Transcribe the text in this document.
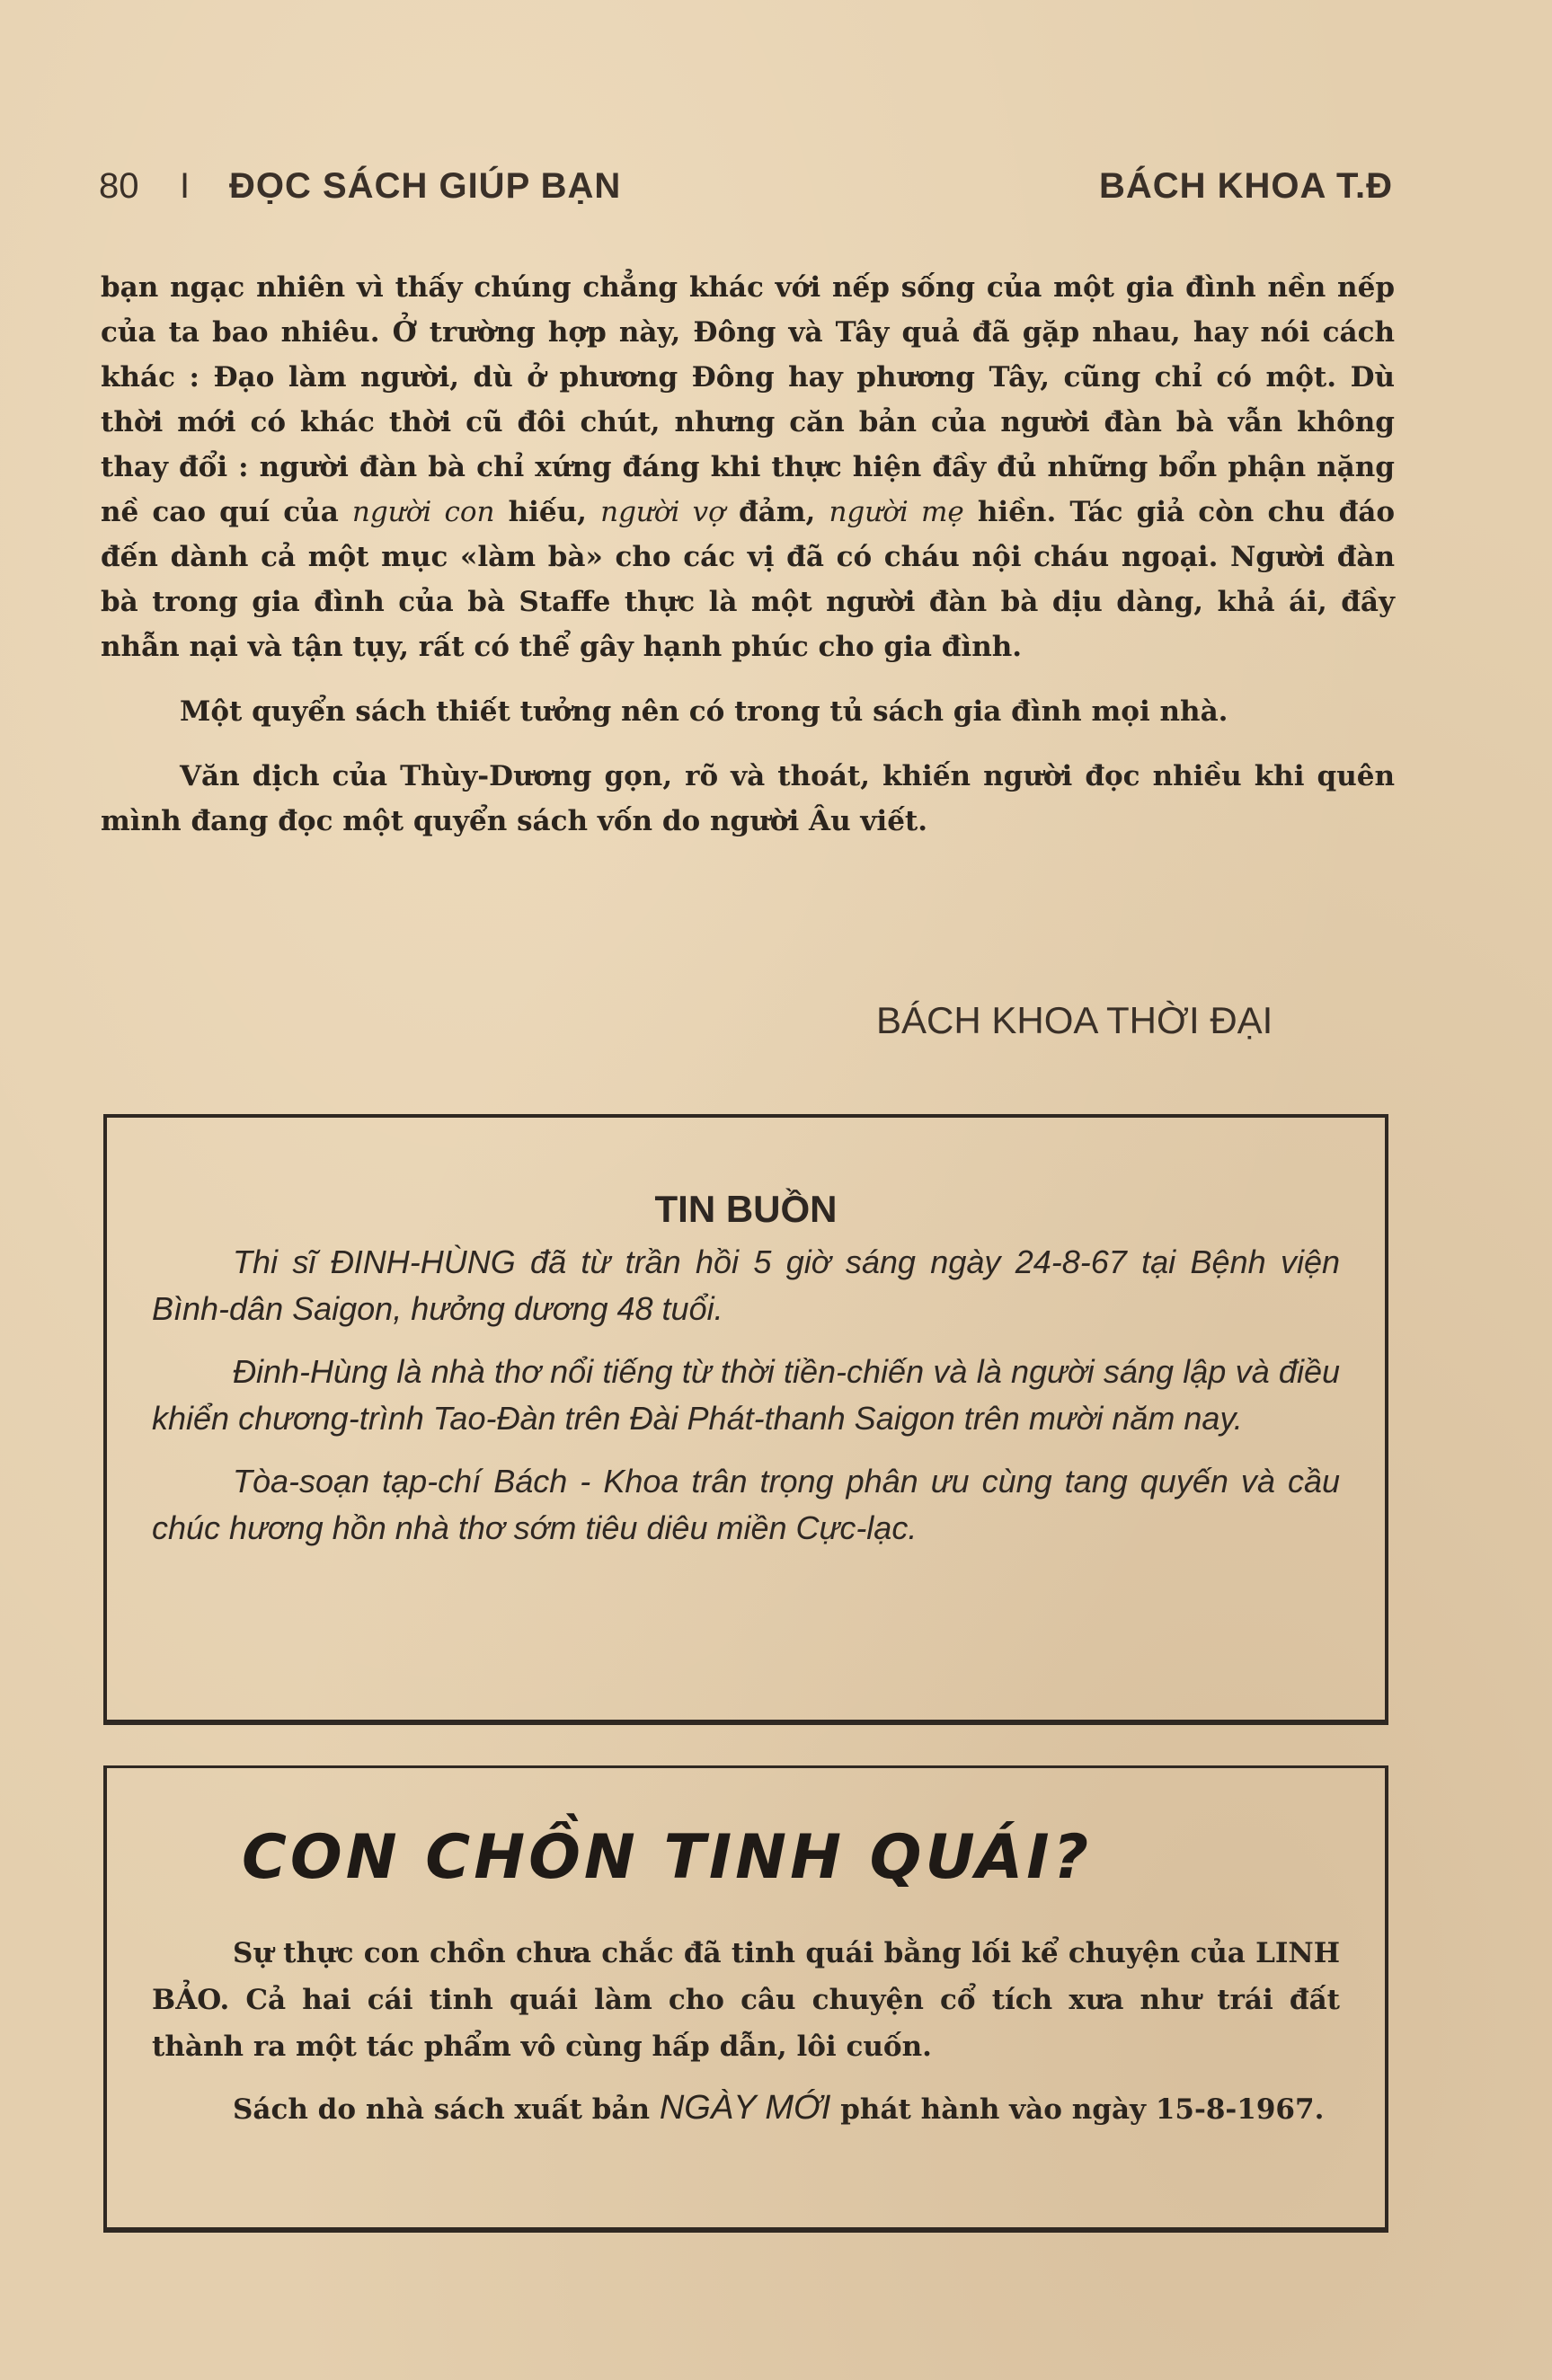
80 I ĐỌC SÁCH GIÚP BẠN	BÁCH KHOA T.Đ

bạn ngạc nhiên vì thấy chúng chẳng khác với nếp sống của một gia đình nền nếp của ta bao nhiêu. Ở trường hợp này, Đông và Tây quả đã gặp nhau, hay nói cách khác : Đạo làm người, dù ở phương Đông hay phương Tây, cũng chỉ có một. Dù thời mới có khác thời cũ đôi chút, nhưng căn bản của người đàn bà vẫn không thay đổi : người đàn bà chỉ xứng đáng khi thực hiện đầy đủ những bổn phận nặng nề cao quí của người con hiếu, người vợ đảm, người mẹ hiền. Tác giả còn chu đáo đến dành cả một mục «làm bà» cho các vị đã có cháu nội cháu ngoại. Người đàn bà trong gia đình của bà Staffe thực là một người đàn bà dịu dàng, khả ái, đầy nhẫn nại và tận tụy, rất có thể gây hạnh phúc cho gia đình.

Một quyển sách thiết tưởng nên có trong tủ sách gia đình mọi nhà.

Văn dịch của Thùy-Dương gọn, rõ và thoát, khiến người đọc nhiều khi quên mình đang đọc một quyển sách vốn do người Âu viết.

BÁCH KHOA THỜI ĐẠI
TIN BUỒN

Thi sĩ ĐINH-HÙNG đã từ trần hồi 5 giờ sáng ngày 24-8-67 tại Bệnh viện Bình-dân Saigon, hưởng dương 48 tuổi.

Đinh-Hùng là nhà thơ nổi tiếng từ thời tiền-chiến và là người sáng lập và điều khiển chương-trình Tao-Đàn trên Đài Phát-thanh Saigon trên mười năm nay.

Tòa-soạn tạp-chí Bách - Khoa trân trọng phân ưu cùng tang quyến và cầu chúc hương hồn nhà thơ sớm tiêu diêu miền Cực-lạc.

CON CHỒN TINH QUÁI?

Sự thực con chồn chưa chắc đã tinh quái bằng lối kể chuyện của LINH BẢO. Cả hai cái tinh quái làm cho câu chuyện cổ tích xưa như trái đất thành ra một tác phẩm vô cùng hấp dẫn, lôi cuốn.

Sách do nhà sách xuất bản NGÀY MỚI phát hành vào ngày 15-8-1967.
